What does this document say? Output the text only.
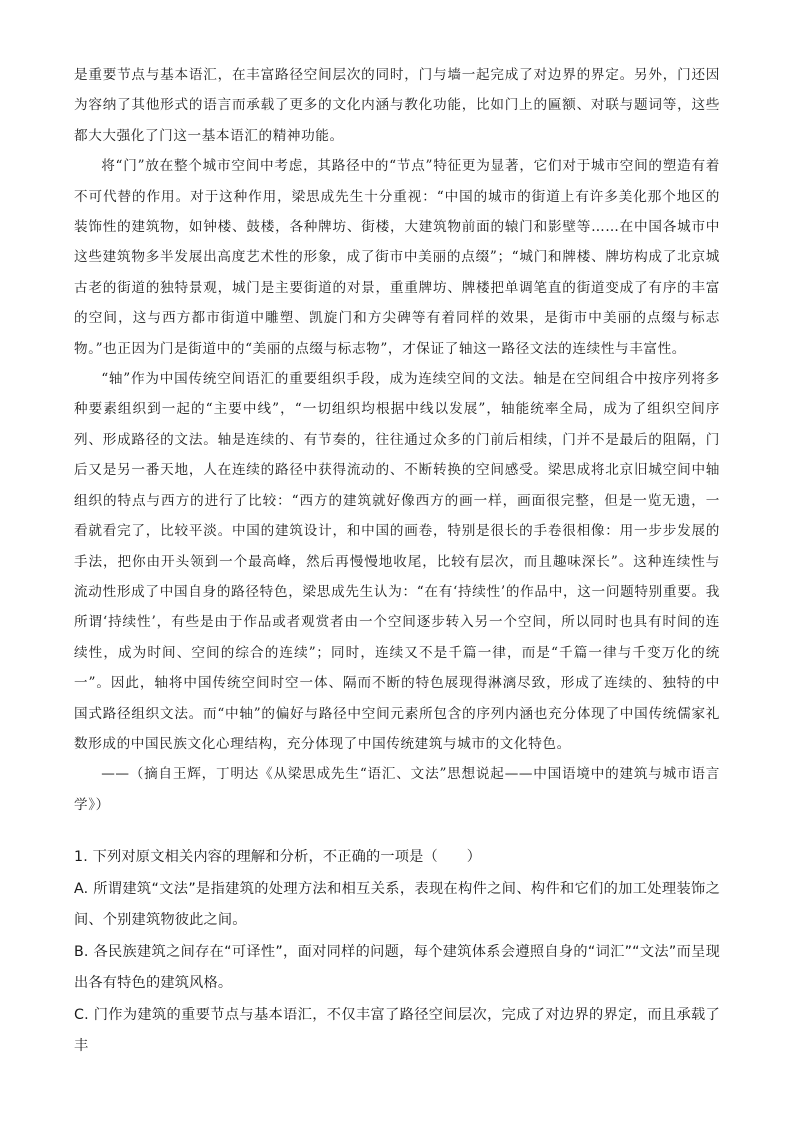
是重要节点与基本语汇，在丰富路径空间层次的同时，门与墙一起完成了对边界的界定。另外，门还因为容纳了其他形式的语言而承载了更多的文化内涵与教化功能，比如门上的匾额、对联与题词等，这些都大大强化了门这一基本语汇的精神功能。

将“门”放在整个城市空间中考虑，其路径中的“节点”特征更为显著，它们对于城市空间的塑造有着不可代替的作用。对于这种作用，梁思成先生十分重视：“中国的城市的街道上有许多美化那个地区的装饰性的建筑物，如钟楼、鼓楼，各种牌坊、街楼，大建筑物前面的辕门和影壁等……在中国各城市中这些建筑物多半发展出高度艺术性的形象，成了街市中美丽的点缀”；“城门和牌楼、牌坊构成了北京城古老的街道的独特景观，城门是主要街道的对景，重重牌坊、牌楼把单调笔直的街道变成了有序的丰富的空间，这与西方都市街道中雕塑、凯旋门和方尖碑等有着同样的效果，是街市中美丽的点缀与标志物。”也正因为门是街道中的“美丽的点缀与标志物”，才保证了轴这一路径文法的连续性与丰富性。

“轴”作为中国传统空间语汇的重要组织手段，成为连续空间的文法。轴是在空间组合中按序列将多种要素组织到一起的“主要中线”，“一切组织均根据中线以发展”，轴能统率全局，成为了组织空间序列、形成路径的文法。轴是连续的、有节奏的，往往通过众多的门前后相续，门并不是最后的阻隔，门后又是另一番天地，人在连续的路径中获得流动的、不断转换的空间感受。梁思成将北京旧城空间中轴组织的特点与西方的进行了比较：“西方的建筑就好像西方的画一样，画面很完整，但是一览无遗，一看就看完了，比较平淡。中国的建筑设计，和中国的画卷，特别是很长的手卷很相像：用一步步发展的手法，把你由开头领到一个最高峰，然后再慢慢地收尾，比较有层次，而且趣味深长”。这种连续性与流动性形成了中国自身的路径特色，梁思成先生认为：“在有‘持续性’的作品中，这一问题特别重要。我所谓‘持续性’，有些是由于作品或者观赏者由一个空间逐步转入另一个空间，所以同时也具有时间的连续性，成为时间、空间的综合的连续”；同时，连续又不是千篇一律，而是“千篇一律与千变万化的统一”。因此，轴将中国传统空间时空一体、隔而不断的特色展现得淋漓尽致，形成了连续的、独特的中国式路径组织文法。而“中轴”的偏好与路径中空间元素所包含的序列内涵也充分体现了中国传统儒家礼数形成的中国民族文化心理结构，充分体现了中国传统建筑与城市的文化特色。

——（摘自王辉，丁明达《从梁思成先生“语汇、文法”思想说起——中国语境中的建筑与城市语言学》）

1. 下列对原文相关内容的理解和分析，不正确的一项是（　　）

A. 所谓建筑“文法”是指建筑的处理方法和相互关系，表现在构件之间、构件和它们的加工处理装饰之间、个别建筑物彼此之间。

B. 各民族建筑之间存在“可译性”，面对同样的问题，每个建筑体系会遵照自身的“词汇”“文法”而呈现出各有特色的建筑风格。

C. 门作为建筑的重要节点与基本语汇，不仅丰富了路径空间层次，完成了对边界的界定，而且承载了丰
